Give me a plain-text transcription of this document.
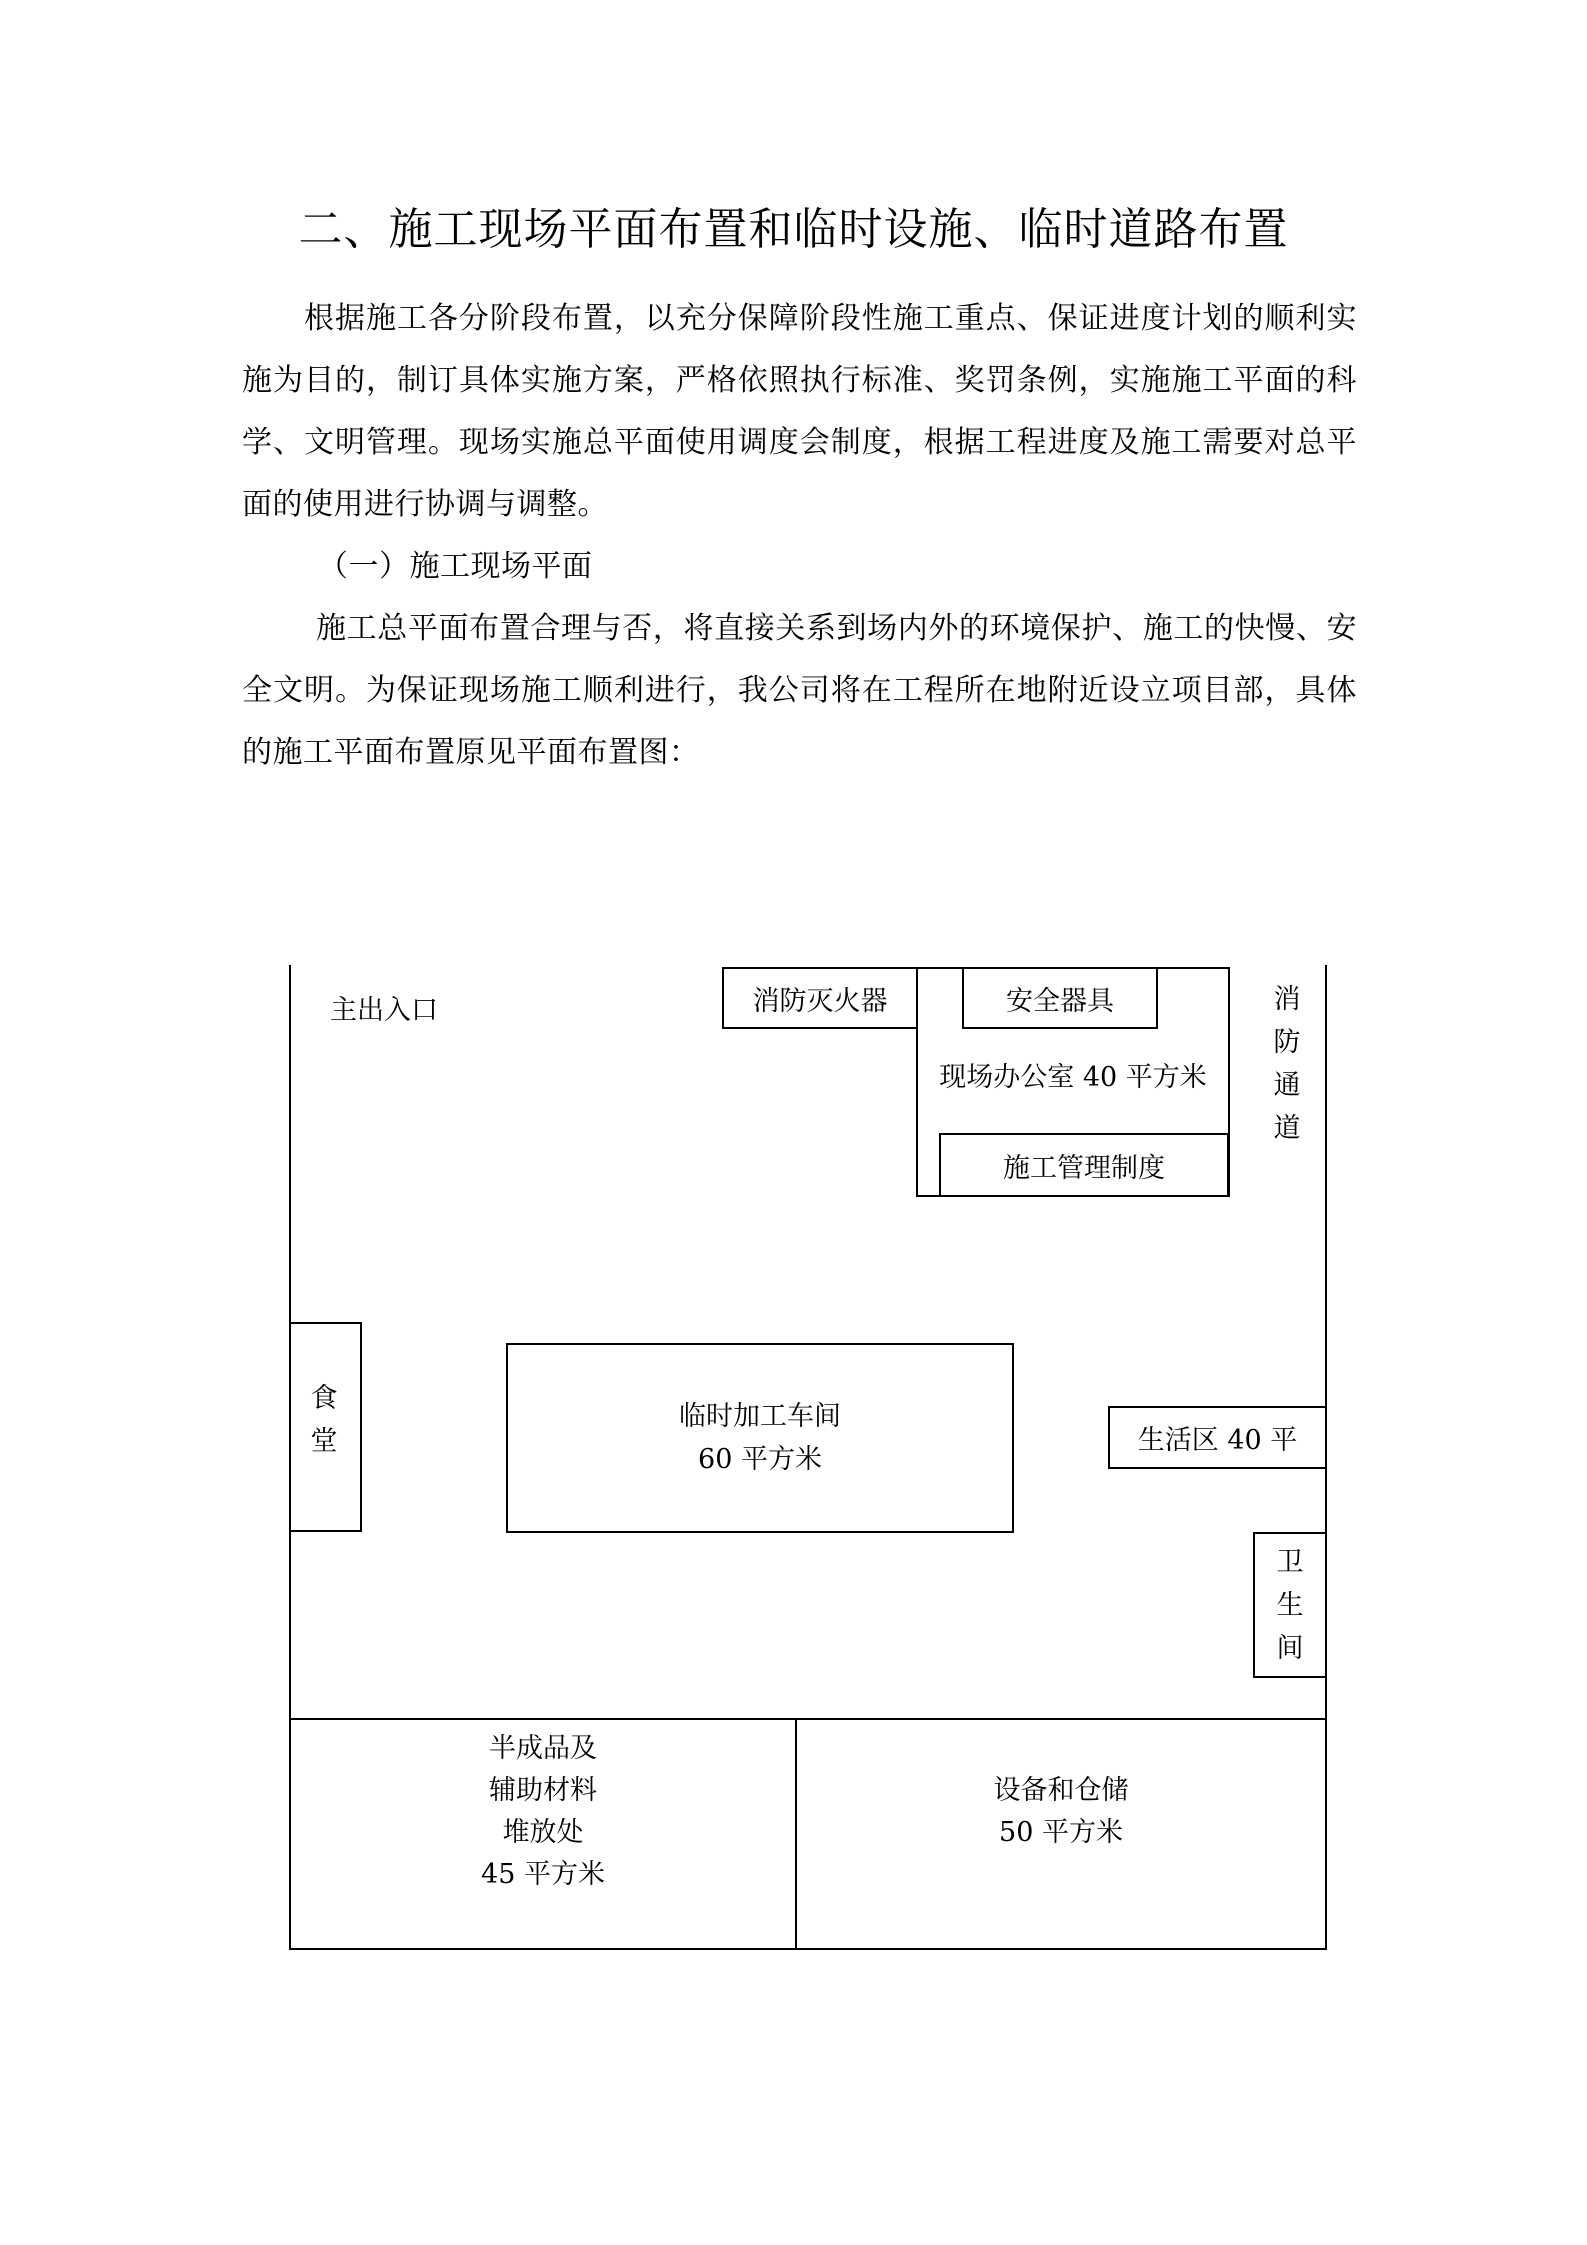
二、施工现场平面布置和临时设施、临时道路布置
根据施工各分阶段布置，以充分保障阶段性施工重点、保证进度计划的顺利实施为目的，制订具体实施方案，严格依照执行标准、奖罚条例，实施施工平面的科学、文明管理。现场实施总平面使用调度会制度，根据工程进度及施工需要对总平面的使用进行协调与调整。
（一）施工现场平面
施工总平面布置合理与否，将直接关系到场内外的环境保护、施工的快慢、安全文明。为保证现场施工顺利进行，我公司将在工程所在地附近设立项目部，具体的施工平面布置原见平面布置图：
主出入口	消防灭火器
现场办公室 40 平方米
安全器具
施工管理制度
消防通道
食堂
临时加工车间
60 平方米
生活区 40 平
卫生间
半成品及
辅助材料
堆放处
45 平方米
设备和仓储
50 平方米
